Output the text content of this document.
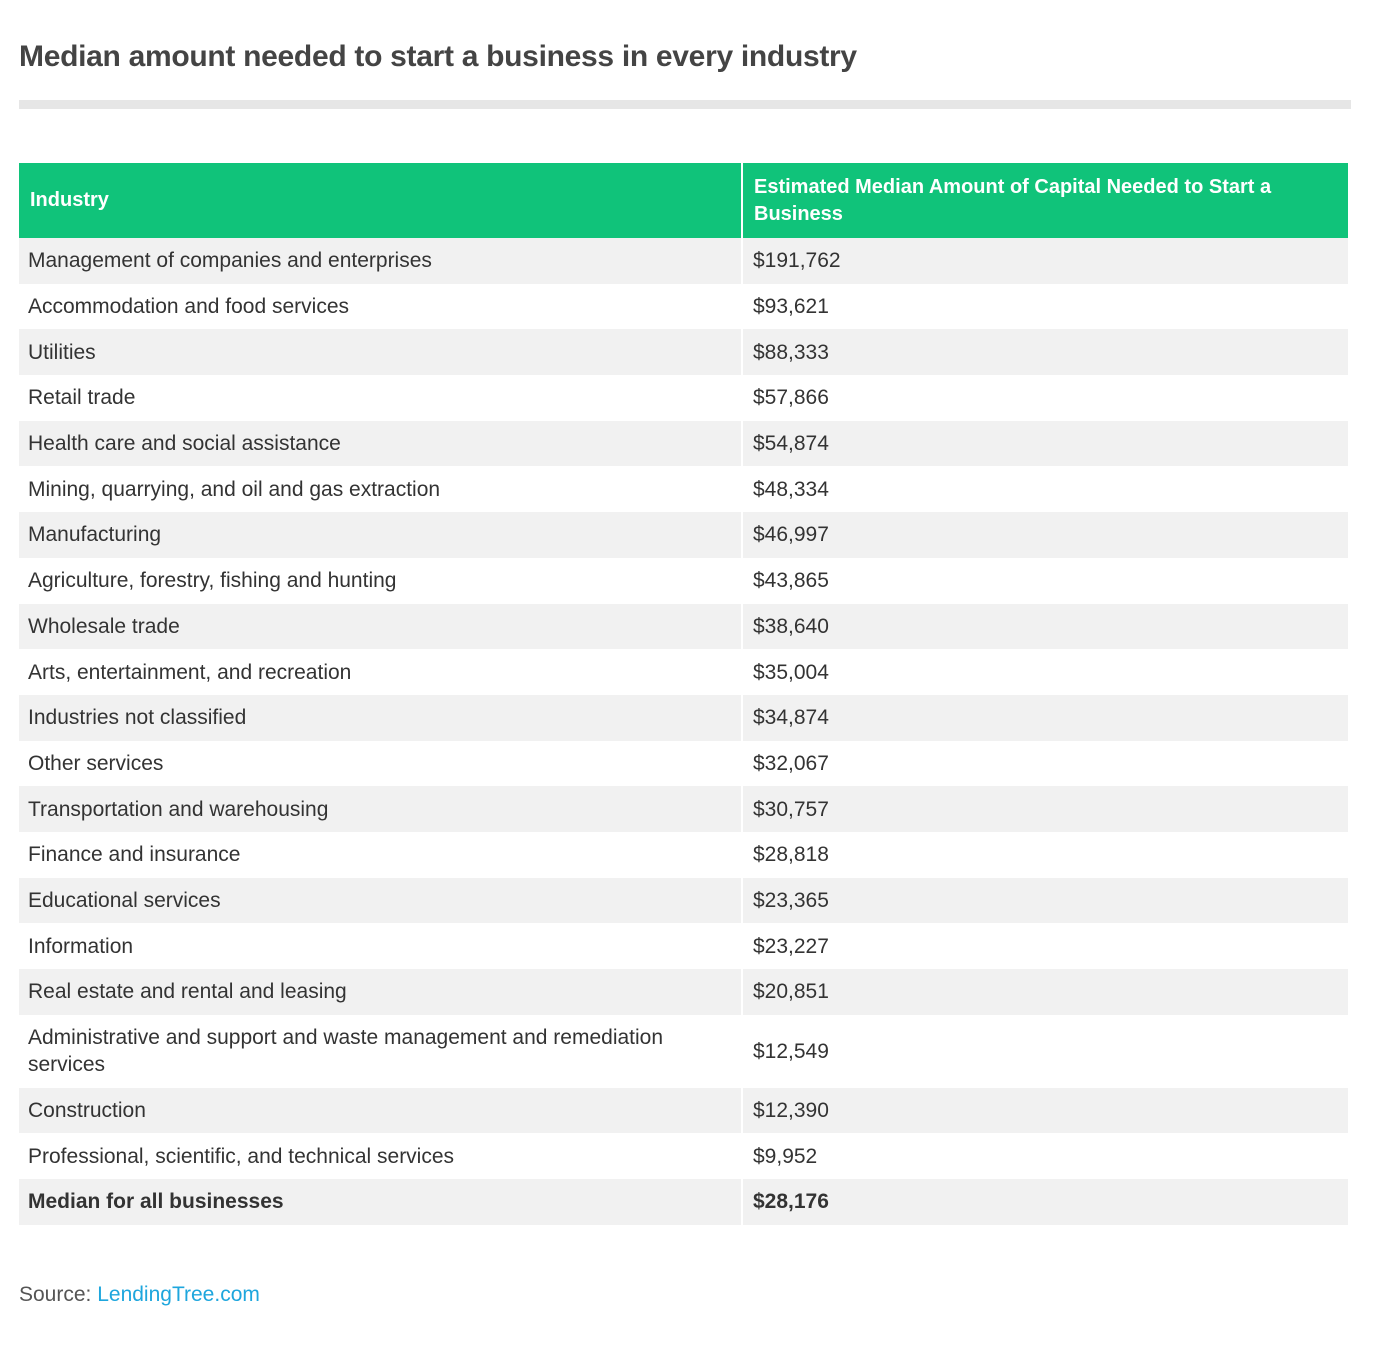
Median amount needed to start a business in every industry
Industry	Estimated Median Amount of Capital Needed to Start a Business
Management of companies and enterprises	$191,762
Accommodation and food services	$93,621
Utilities	$88,333
Retail trade	$57,866
Health care and social assistance	$54,874
Mining, quarrying, and oil and gas extraction	$48,334
Manufacturing	$46,997
Agriculture, forestry, fishing and hunting	$43,865
Wholesale trade	$38,640
Arts, entertainment, and recreation	$35,004
Industries not classified	$34,874
Other services	$32,067
Transportation and warehousing	$30,757
Finance and insurance	$28,818
Educational services	$23,365
Information	$23,227
Real estate and rental and leasing	$20,851
Administrative and support and waste management and remediation services	$12,549
Construction	$12,390
Professional, scientific, and technical services	$9,952
Median for all businesses	$28,176
Source: LendingTree.com
